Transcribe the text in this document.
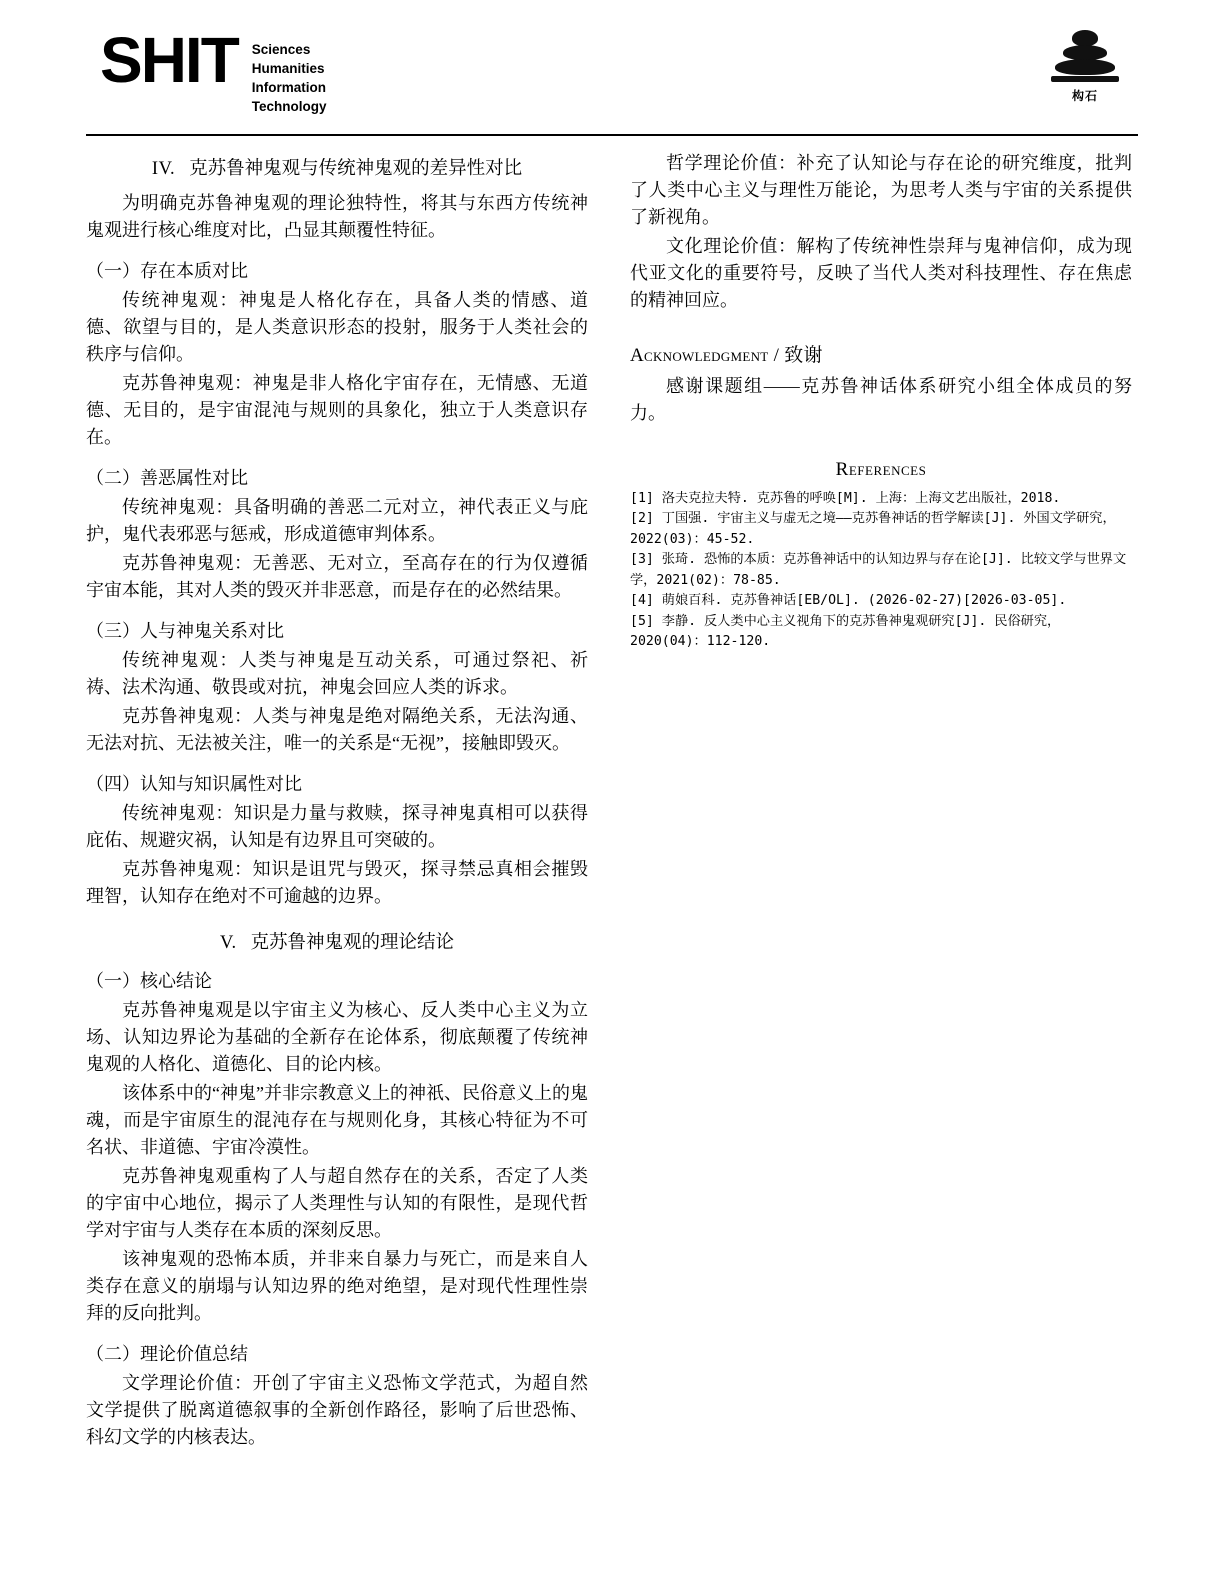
SHIT Sciences
Humanities
Information
Technology
构石
IV. 克苏鲁神鬼观与传统神鬼观的差异性对比

为明确克苏鲁神鬼观的理论独特性，将其与东西方传统神鬼观进行核心维度对比，凸显其颠覆性特征。

（一）存在本质对比

传统神鬼观：神鬼是人格化存在，具备人类的情感、道德、欲望与目的，是人类意识形态的投射，服务于人类社会的秩序与信仰。

克苏鲁神鬼观：神鬼是非人格化宇宙存在，无情感、无道德、无目的，是宇宙混沌与规则的具象化，独立于人类意识存在。

（二）善恶属性对比

传统神鬼观：具备明确的善恶二元对立，神代表正义与庇护，鬼代表邪恶与惩戒，形成道德审判体系。

克苏鲁神鬼观：无善恶、无对立，至高存在的行为仅遵循宇宙本能，其对人类的毁灭并非恶意，而是存在的必然结果。

（三）人与神鬼关系对比

传统神鬼观：人类与神鬼是互动关系，可通过祭祀、祈祷、法术沟通、敬畏或对抗，神鬼会回应人类的诉求。

克苏鲁神鬼观：人类与神鬼是绝对隔绝关系，无法沟通、无法对抗、无法被关注，唯一的关系是“无视”，接触即毁灭。

（四）认知与知识属性对比

传统神鬼观：知识是力量与救赎，探寻神鬼真相可以获得庇佑、规避灾祸，认知是有边界且可突破的。

克苏鲁神鬼观：知识是诅咒与毁灭，探寻禁忌真相会摧毁理智，认知存在绝对不可逾越的边界。

V. 克苏鲁神鬼观的理论结论
（一）核心结论

克苏鲁神鬼观是以宇宙主义为核心、反人类中心主义为立场、认知边界论为基础的全新存在论体系，彻底颠覆了传统神鬼观的人格化、道德化、目的论内核。

该体系中的“神鬼”并非宗教意义上的神祇、民俗意义上的鬼魂，而是宇宙原生的混沌存在与规则化身，其核心特征为不可名状、非道德、宇宙冷漠性。

克苏鲁神鬼观重构了人与超自然存在的关系，否定了人类的宇宙中心地位，揭示了人类理性与认知的有限性，是现代哲学对宇宙与人类存在本质的深刻反思。

该神鬼观的恐怖本质，并非来自暴力与死亡，而是来自人类存在意义的崩塌与认知边界的绝对绝望，是对现代性理性崇拜的反向批判。

（二）理论价值总结

文学理论价值：开创了宇宙主义恐怖文学范式，为超自然文学提供了脱离道德叙事的全新创作路径，影响了后世恐怖、科幻文学的内核表达。

哲学理论价值：补充了认知论与存在论的研究维度，批判了人类中心主义与理性万能论，为思考人类与宇宙的关系提供了新视角。

文化理论价值：解构了传统神性崇拜与鬼神信仰，成为现代亚文化的重要符号，反映了当代人类对科技理性、存在焦虑的精神回应。

Acknowledgment / 致谢

感谢课题组——克苏鲁神话体系研究小组全体成员的努力。

References

[1] 洛夫克拉夫特. 克苏鲁的呼唤[M]. 上海：上海文艺出版社，2018.

[2] 丁国强. 宇宙主义与虚无之境——克苏鲁神话的哲学解读[J]. 外国文学研究，2022(03)：45-52.

[3] 张琦. 恐怖的本质：克苏鲁神话中的认知边界与存在论[J]. 比较文学与世界文学，2021(02)：78-85.

[4] 萌娘百科. 克苏鲁神话[EB/OL]. (2026-02-27)[2026-03-05].

[5] 李静. 反人类中心主义视角下的克苏鲁神鬼观研究[J]. 民俗研究，2020(04)：112-120.
